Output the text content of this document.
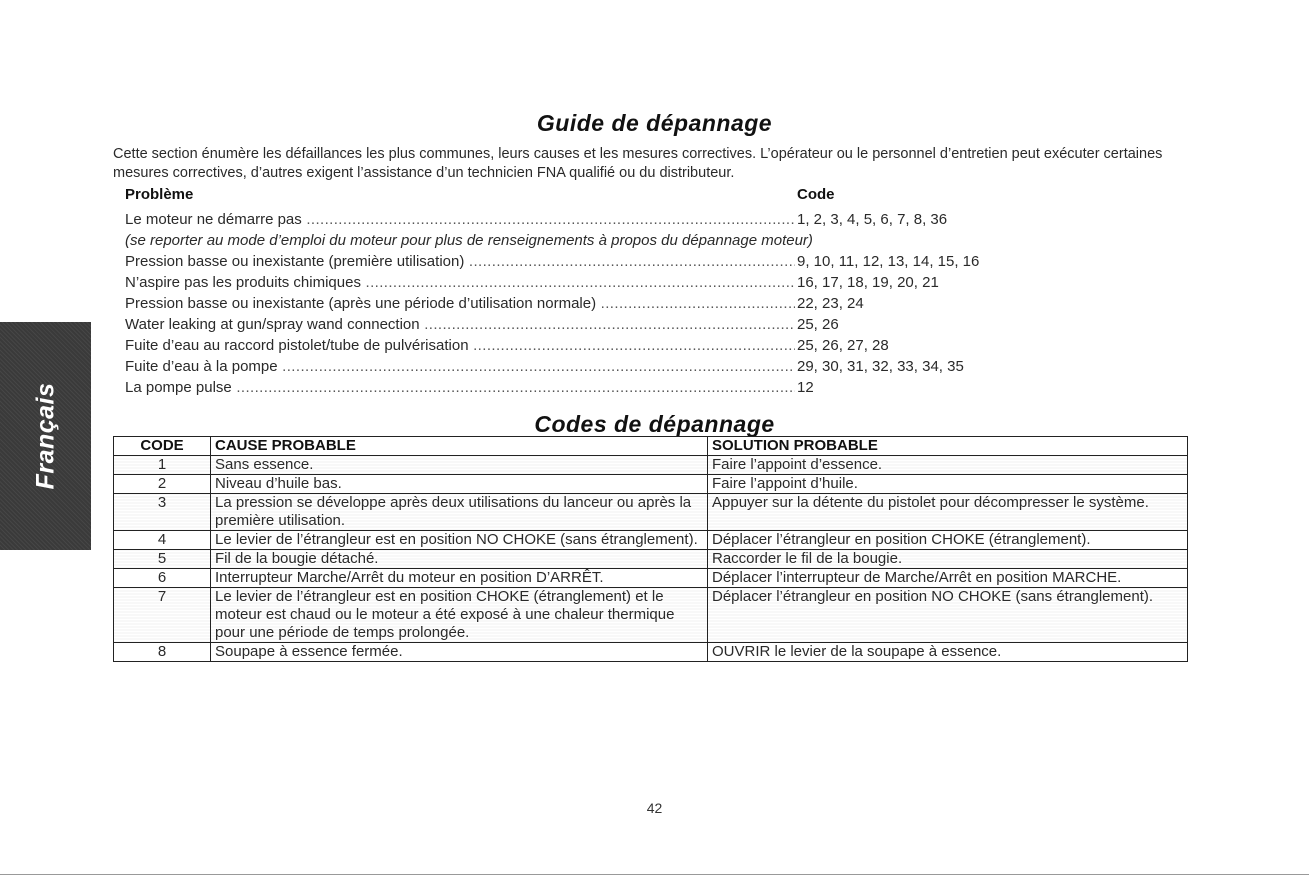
Français
Guide de dépannage
Cette section énumère les défaillances les plus communes, leurs causes et les mesures correctives. L’opérateur ou le personnel d’entretien peut exécuter certaines mesures correctives, d’autres exigent l’assistance d’un technicien FNA qualifié ou du distributeur.
Problème	Code
Le moteur ne démarre pas .....	1, 2, 3, 4, 5, 6, 7, 8, 36
(se reporter au mode d’emploi du moteur pour plus de renseignements à propos du dépannage moteur)
Pression basse ou inexistante (première utilisation) .....	9, 10, 11, 12, 13, 14, 15, 16
N’aspire pas les produits chimiques .....	16, 17, 18, 19, 20, 21
Pression basse ou inexistante (après une période d’utilisation normale) .....	22, 23, 24
Water leaking at gun/spray wand connection .....	25, 26
Fuite d’eau au raccord pistolet/tube de pulvérisation .....	25, 26, 27, 28
Fuite d’eau à la pompe .....	29, 30, 31, 32, 33, 34, 35
La pompe pulse .....	12
Codes de dépannage
CODE	CAUSE PROBABLE	SOLUTION PROBABLE
1	Sans essence.	Faire l’appoint d’essence.
2	Niveau d’huile bas.	Faire l’appoint d’huile.
3	La pression se développe après deux utilisations du lanceur ou après la première utilisation.	Appuyer sur la détente du pistolet pour décompresser le système.
4	Le levier de l’étrangleur est en position NO CHOKE (sans étranglement).	Déplacer l’étrangleur en position CHOKE (étranglement).
5	Fil de la bougie détaché.	Raccorder le fil de la bougie.
6	Interrupteur Marche/Arrêt du moteur en position D’ARRÊT.	Déplacer l’interrupteur de Marche/Arrêt en position MARCHE.
7	Le levier de l’étrangleur est en position CHOKE (étranglement) et le moteur est chaud ou le moteur a été exposé à une chaleur thermique pour une période de temps prolongée.	Déplacer l’étrangleur en position NO CHOKE (sans étranglement).
8	Soupape à essence fermée.	OUVRIR le levier de la soupape à essence.
42
